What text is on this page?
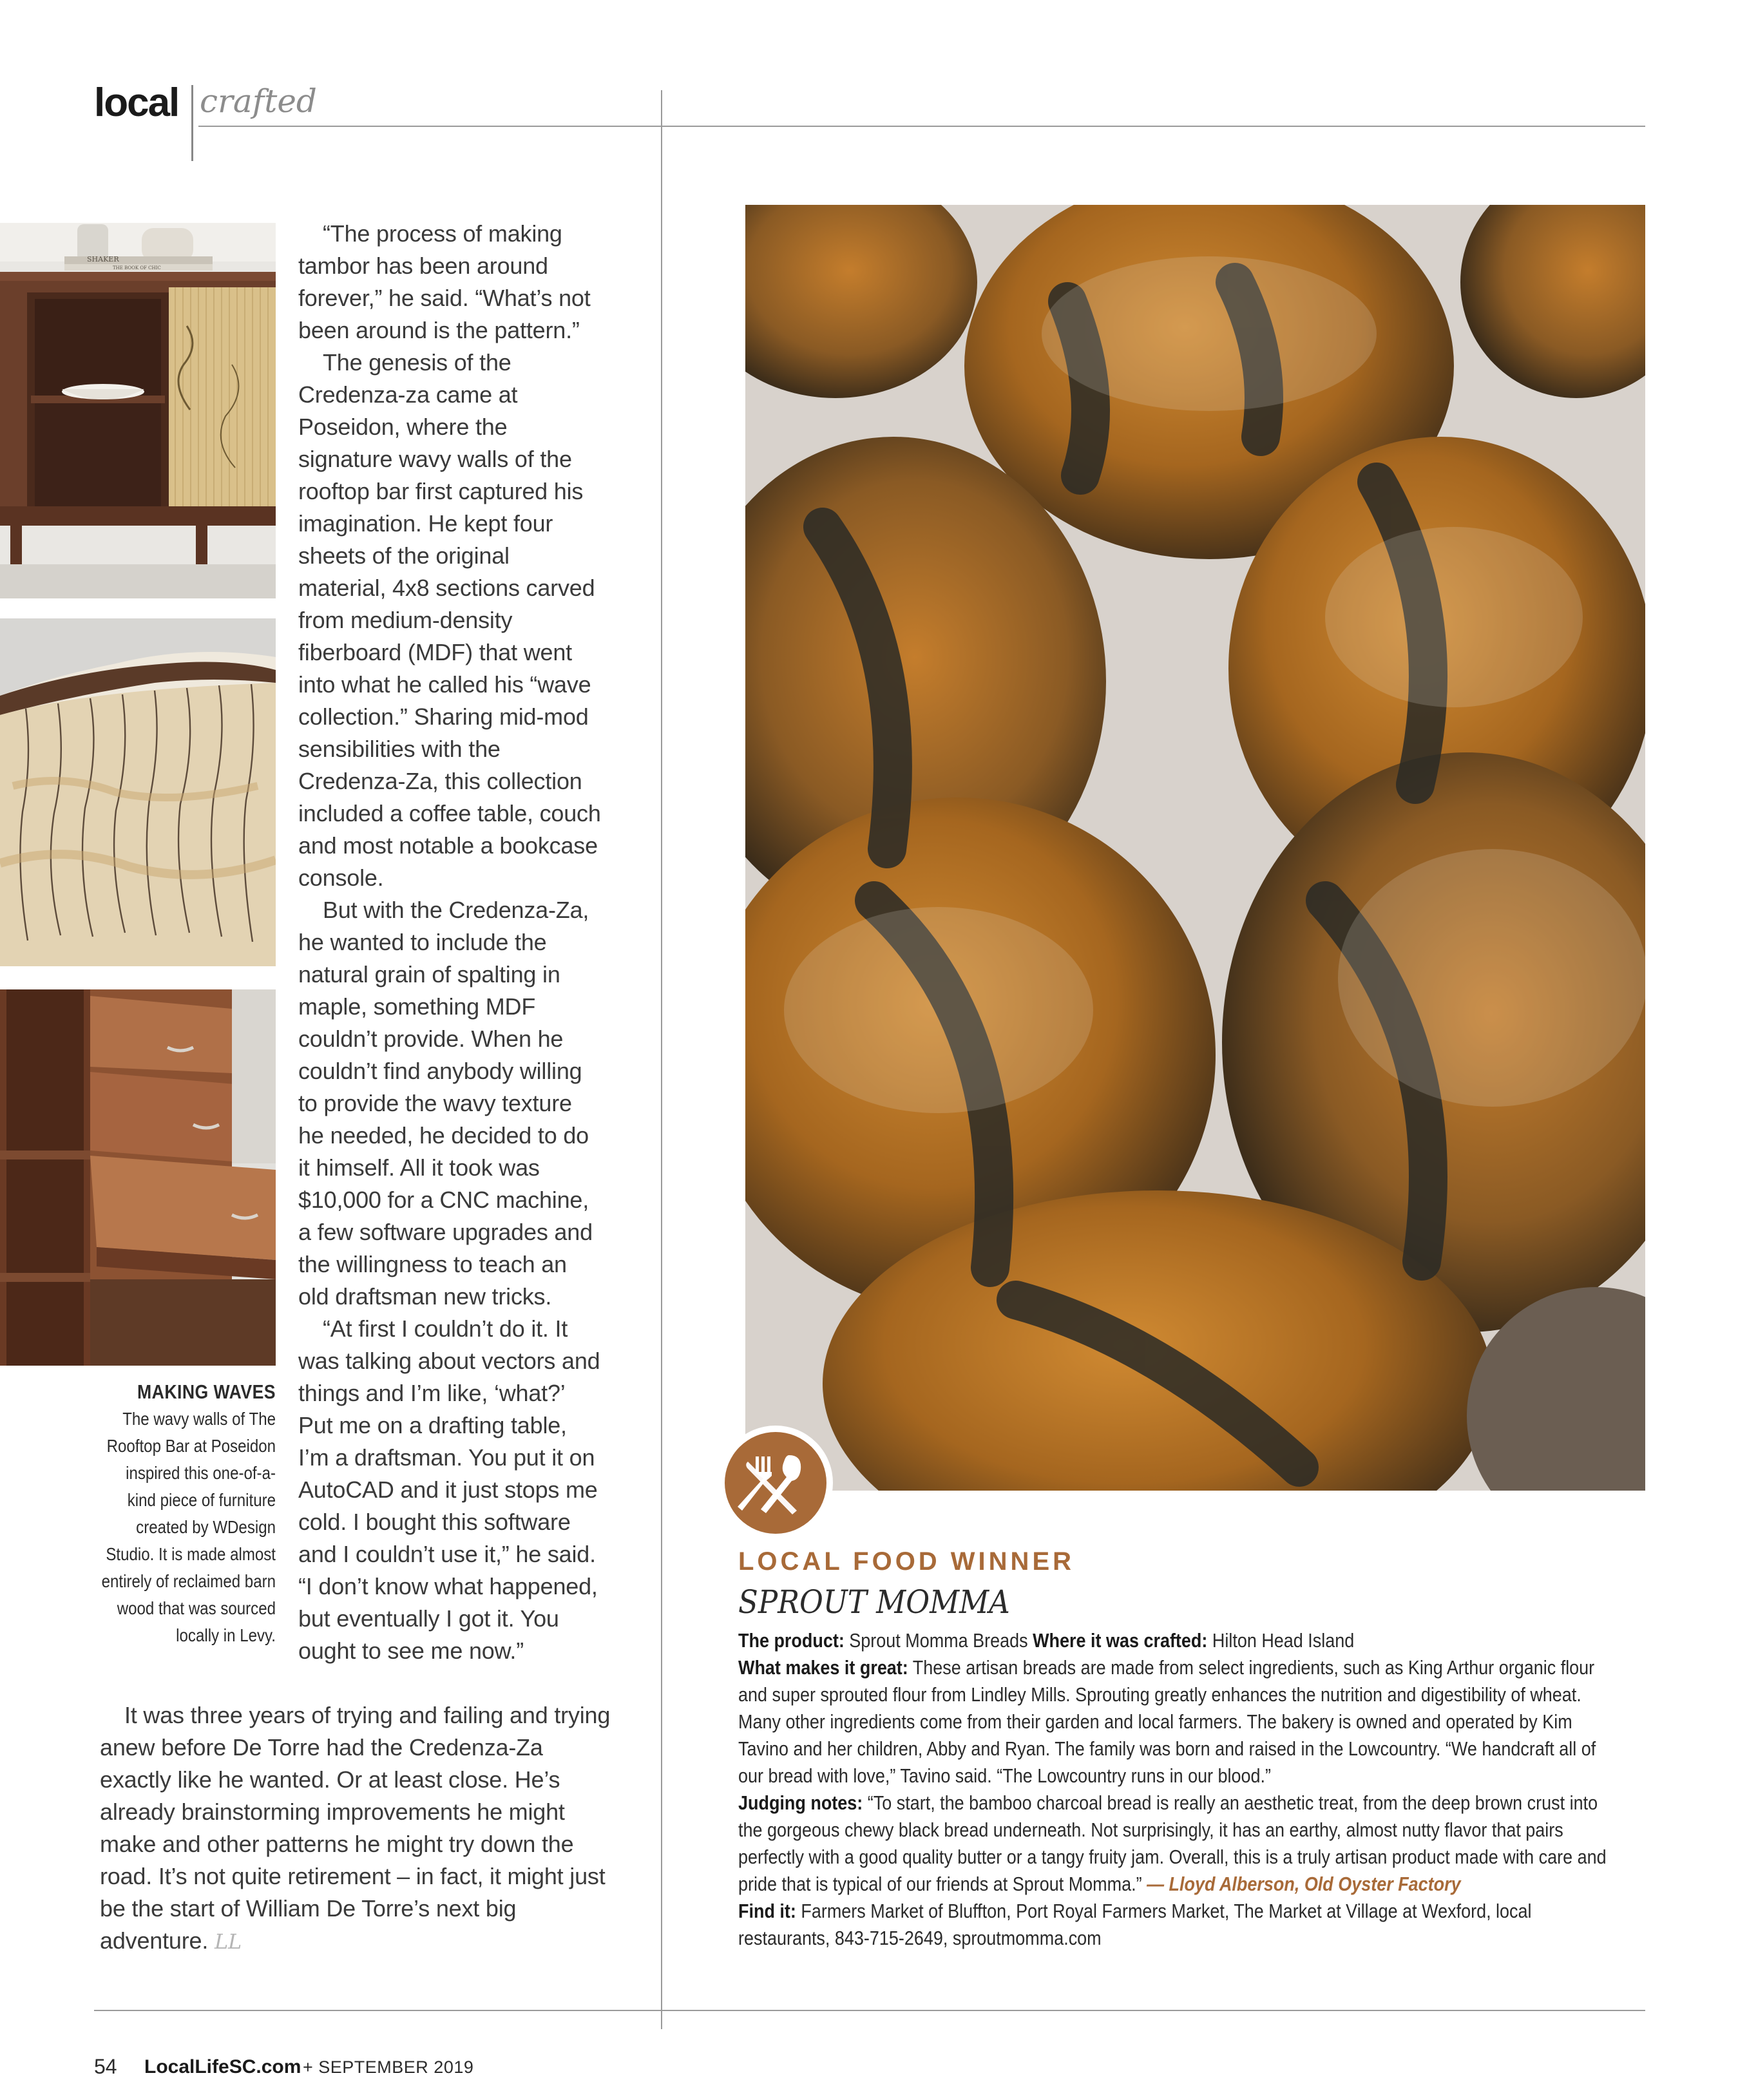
local crafted
SHAKER
THE BOOK OF CHIC
MAKING WAVES
The wavy walls of The Rooftop Bar at Poseidon inspired this one-of-a-kind piece of furniture created by WDesign Studio. It is made almost entirely of reclaimed barn wood that was sourced locally in Levy.

“The process of making tambor has been around forever,” he said. “What’s not been around is the pattern.”

The genesis of the Credenza-za came at Poseidon, where the signature wavy walls of the rooftop bar first captured his imagination. He kept four sheets of the original material, 4x8 sections carved from medium-density fiberboard (MDF) that went into what he called his “wave collection.” Sharing mid-mod sensibilities with the Credenza-Za, this collection included a coffee table, couch and most notable a bookcase console.

But with the Credenza-Za, he wanted to include the natural grain of spalting in maple, something MDF couldn’t provide. When he couldn’t find anybody willing to provide the wavy texture he needed, he decided to do it himself. All it took was $10,000 for a CNC machine, a few software upgrades and the willingness to teach an old draftsman new tricks.

“At first I couldn’t do it. It was talking about vectors and things and I’m like, ‘what?’ Put me on a drafting table, I’m a draftsman. You put it on AutoCAD and it just stops me cold. I bought this software and I couldn’t use it,” he said. “I don’t know what happened, but eventually I got it. You ought to see me now.”

It was three years of trying and failing and trying anew before De Torre had the Credenza-Za exactly like he wanted. Or at least close. He’s already brainstorming improvements he might make and other patterns he might try down the road. It’s not quite retirement – in fact, it might just be the start of William De Torre’s next big adventure. LL

LOCAL FOOD WINNER
SPROUT MOMMA
The product: Sprout Momma Breads Where it was crafted: Hilton Head Island
What makes it great: These artisan breads are made from select ingredients, such as King Arthur organic flour and super sprouted flour from Lindley Mills. Sprouting greatly enhances the nutrition and digestibility of wheat. Many other ingredients come from their garden and local farmers. The bakery is owned and operated by Kim Tavino and her children, Abby and Ryan. The family was born and raised in the Lowcountry. “We handcraft all of our bread with love,” Tavino said. “The Lowcountry runs in our blood.”
Judging notes: “To start, the bamboo charcoal bread is really an aesthetic treat, from the deep brown crust into the gorgeous chewy black bread underneath. Not surprisingly, it has an earthy, almost nutty flavor that pairs perfectly with a good quality butter or a tangy fruity jam. Overall, this is a truly artisan product made with care and pride that is typical of our friends at Sprout Momma.” — Lloyd Alberson, Old Oyster Factory
Find it: Farmers Market of Bluffton, Port Royal Farmers Market, The Market at Village at Wexford, local restaurants, 843-715-2649, sproutmomma.com
54 LocalLifeSC.com + SEPTEMBER 2019
